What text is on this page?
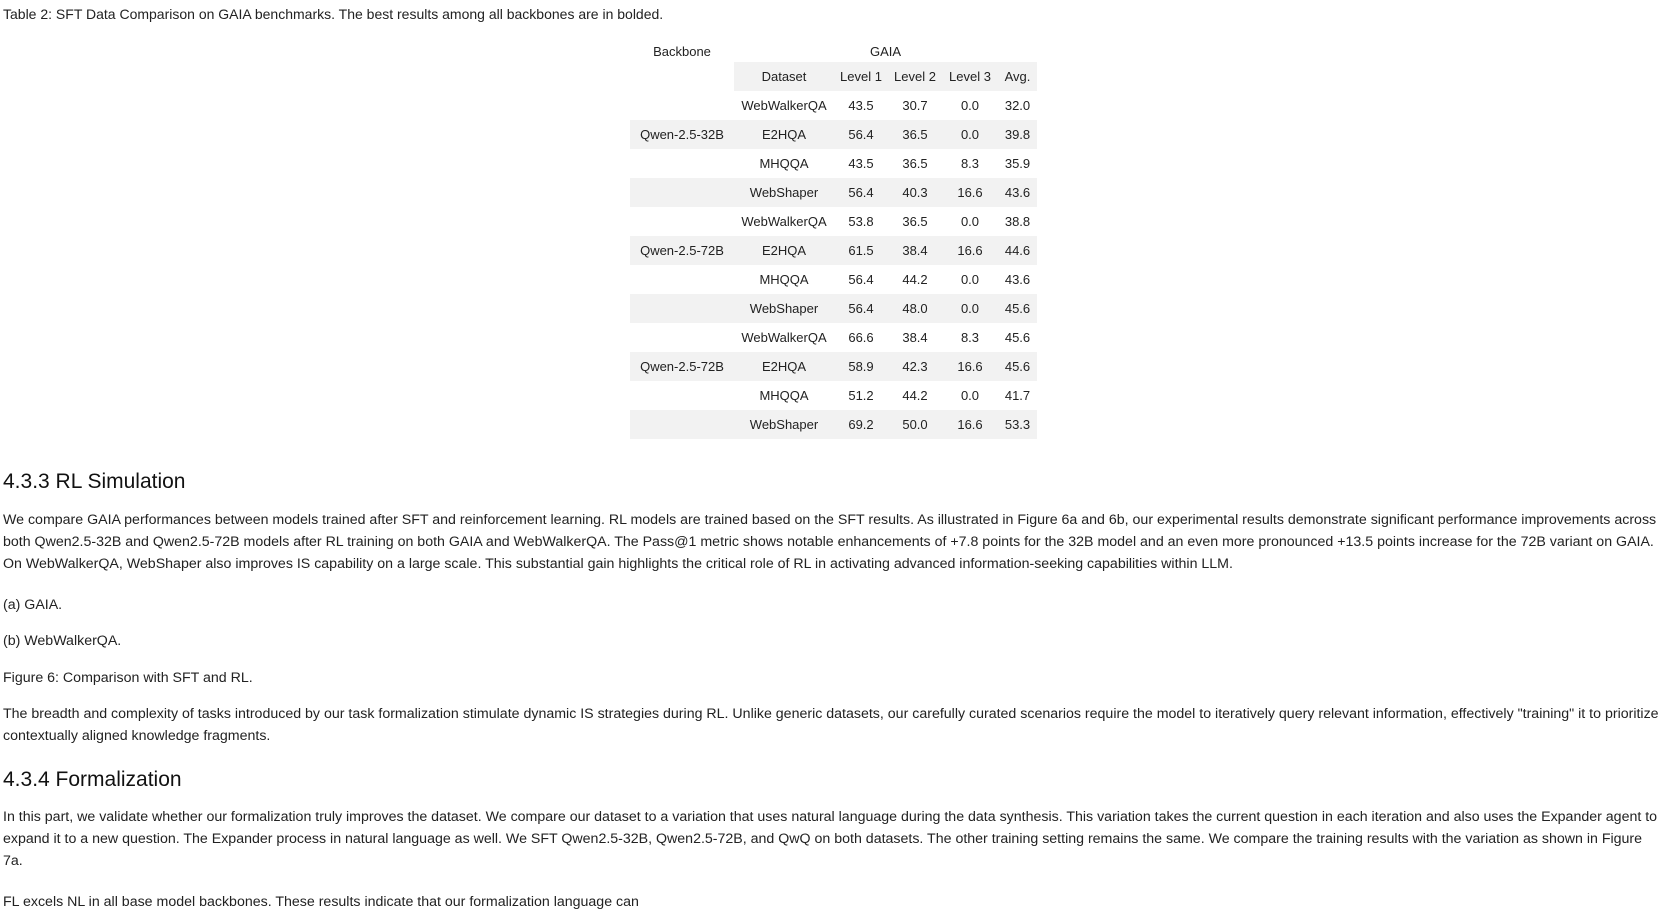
Table 2: SFT Data Comparison on GAIA benchmarks. The best results among all backbones are in bolded.
Backbone	GAIA				
	Dataset	Level 1	Level 2	Level 3	Avg.
	WebWalkerQA	43.5	30.7	0.0	32.0
Qwen-2.5-32B	E2HQA	56.4	36.5	0.0	39.8
	MHQQA	43.5	36.5	8.3	35.9
	WebShaper	56.4	40.3	16.6	43.6
	WebWalkerQA	53.8	36.5	0.0	38.8
Qwen-2.5-72B	E2HQA	61.5	38.4	16.6	44.6
	MHQQA	56.4	44.2	0.0	43.6
	WebShaper	56.4	48.0	0.0	45.6
	WebWalkerQA	66.6	38.4	8.3	45.6
Qwen-2.5-72B	E2HQA	58.9	42.3	16.6	45.6
	MHQQA	51.2	44.2	0.0	41.7
	WebShaper	69.2	50.0	16.6	53.3
4.3.3 RL Simulation

We compare GAIA performances between models trained after SFT and reinforcement learning. RL models are trained based on the SFT results. As illustrated in Figure 6a and 6b, our experimental results demonstrate significant performance improvements across both Qwen2.5-32B and Qwen2.5-72B models after RL training on both GAIA and WebWalkerQA. The Pass@1 metric shows notable enhancements of +7.8 points for the 32B model and an even more pronounced +13.5 points increase for the 72B variant on GAIA. On WebWalkerQA, WebShaper also improves IS capability on a large scale. This substantial gain highlights the critical role of RL in activating advanced information-seeking capabilities within LLM.

(a) GAIA.

(b) WebWalkerQA.

Figure 6: Comparison with SFT and RL.

The breadth and complexity of tasks introduced by our task formalization stimulate dynamic IS strategies during RL. Unlike generic datasets, our carefully curated scenarios require the model to iteratively query relevant information, effectively "training" it to prioritize contextually aligned knowledge fragments.

4.3.4 Formalization

In this part, we validate whether our formalization truly improves the dataset. We compare our dataset to a variation that uses natural language during the data synthesis. This variation takes the current question in each iteration and also uses the Expander agent to expand it to a new question. The Expander process in natural language as well. We SFT Qwen2.5-32B, Qwen2.5-72B, and QwQ on both datasets. The other training setting remains the same. We compare the training results with the variation as shown in Figure 7a.

FL excels NL in all base model backbones. These results indicate that our formalization language can
